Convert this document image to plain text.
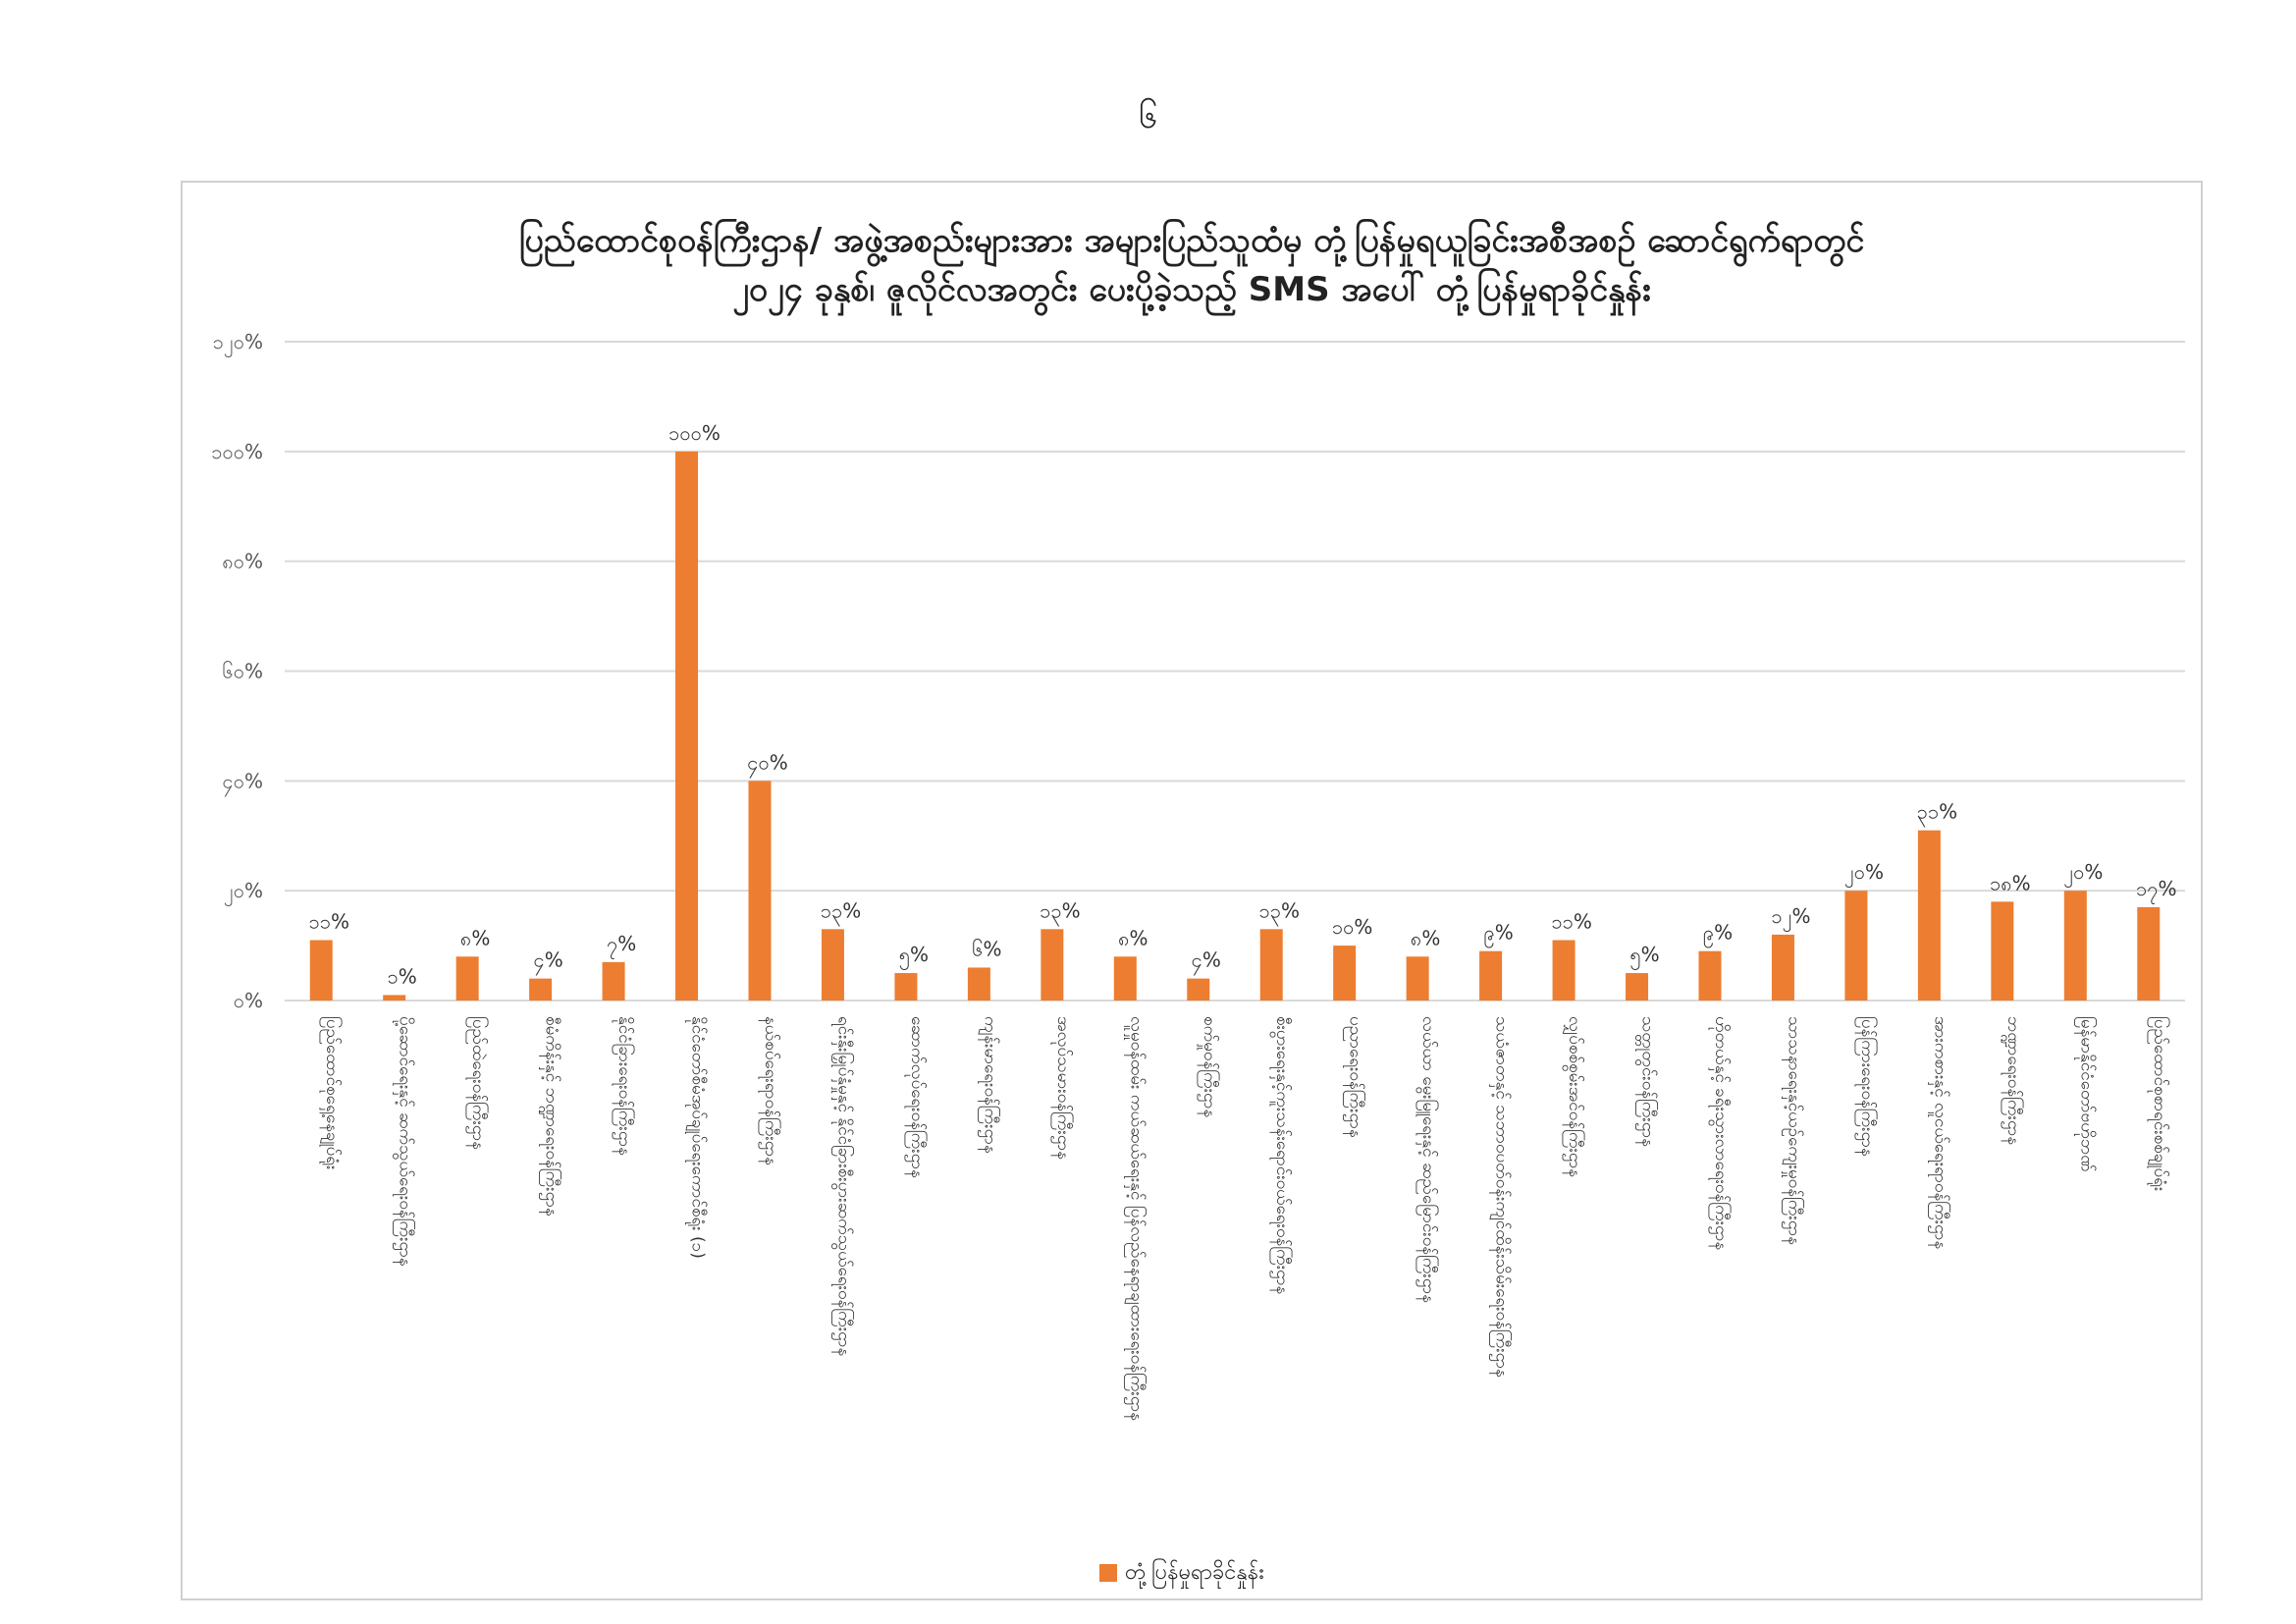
၆
ပြည်ထောင်စုဝန်ကြီးဌာန/ အဖွဲ့အစည်းများအား အများပြည်သူထံမှ တုံ့ပြန်မှုရယူခြင်းအစီအစဉ် ဆောင်ရွက်ရာတွင်
၂၀၂၄ ခုနှစ်၊ ဇူလိုင်လအတွင်း ပေးပို့ခဲ့သည့် SMS အပေါ် တုံ့ပြန်မှုရာခိုင်နှုန်း
၀%
၂၀%
၄၀%
၆၀%
၈၀%
၁၀၀%
၁၂၀%
၁၁%
၁%
၈%
၄%
၇%
၁၀၀%
၄၀%
၁၃%
၅% ၆%
၁၃%
၈%
၄%
၁၃%
၁၀% ၈% ၉% ၁၁%
၅%
၉%
၁၂%
၂၀%
၃၁%
၁၈% ၂၀%
၁၇%
ပြည်ထောင်စုရှေ့နေချုပ်ရုံး	ပို့ဆောင်ရေးနှင့် ဆက်သွယ်ရေးဝန်ကြီးဌာန	ပြည်ထဲရေးဝန်ကြီးဌာန	စီမံကိန်းနှင့် ဘဏ္ဍာရေးဝန်ကြီးဌာန	နိုင်ငံခြားရေးဝန်ကြီးဌာန	နိုင်ငံတော်စီမံအုပ်ချုပ်ရေးကောင်စီရုံး (၁)	နယ်စပ်ရေးရာဝန်ကြီးဌာန	ရင်းနှီးမြှုပ်နှံမှုနှင့် နိုင်ငံခြားစီးပွားဆက်သွယ်ရေးဝန်ကြီးဌာန	ဆောက်လုပ်ရေးဝန်ကြီးဌာန	ကျန်းမာရေးဝန်ကြီးဌာန	အလုပ်သမားဝန်ကြီးဌာန	လူမှုဝန်ထမ်း ကယ်ဆယ်ရေးနှင့် ပြန်လည်နေရာချထားရေးဝန်ကြီးဌာန	စက်မှုဝန်ကြီးဌာန	စီးပွားရေးနှင့်ကူးသန်းရောင်းဝယ်ရေးဝန်ကြီးဌာန	ပညာရေးဝန်ကြီးဌာန	လယ်ယာ မွေးမြူရေးနှင့် ဆည်မြောင်းဝန်ကြီးဌာန	သယံဇာတနှင့် သဘာဝပတ်ဝန်းကျင်ထိန်းသိမ်းရေးဝန်ကြီးဌာန	လျှပ်စစ်စွမ်းအင်ဝန်ကြီးဌာန	သတ္တုတွင်းဝန်ကြီးဌာန	ဟိုတယ်နှင့် ခရီးသွားလာရေးဝန်ကြီးဌာန	သာသနာရေးနှင့်ယဉ်ကျေးမှုဝန်ကြီးဌာန	ပြန်ကြားရေးဝန်ကြီးဌာန	အားကစားနှင့် လူငယ်ရေးရာဝန်ကြီးဌာန	ဘဏ္ဍာရေးဝန်ကြီးဌာန	မြန်မာနိုင်ငံတော်ဗဟိုဘဏ်	ပြည်ထောင်စုစာရင်းစစ်ချုပ်ရုံး
တုံ့ပြန်မှုရာခိုင်နှုန်း
